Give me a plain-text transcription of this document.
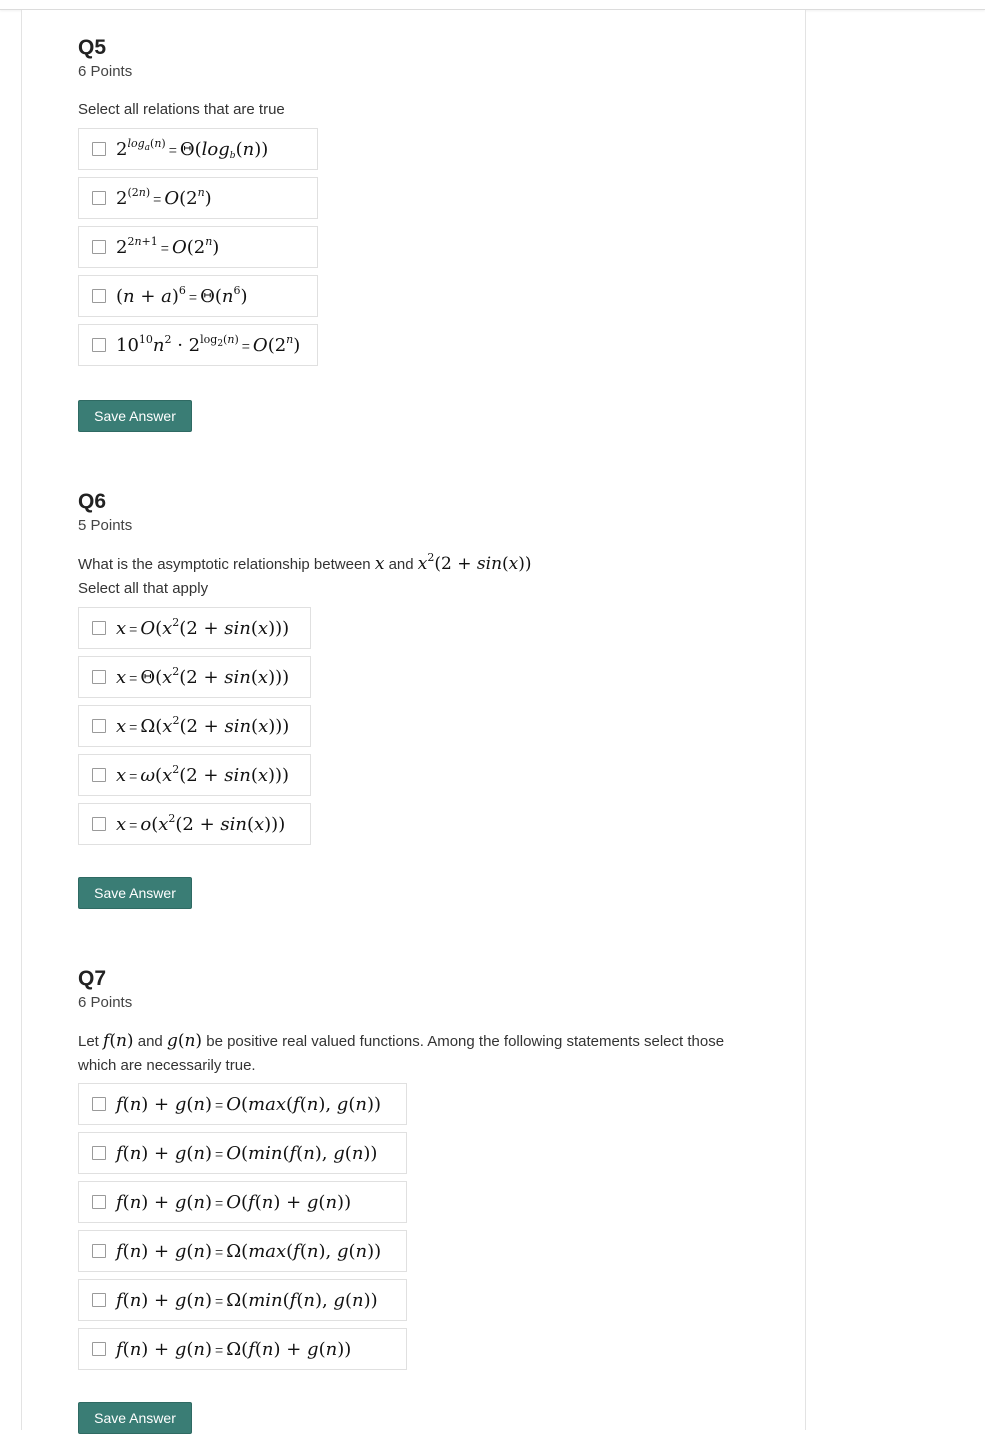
Q5
6 Points
Select all relations that are true
$2^{log_a(n)} = \Theta(\log_b(n))$
$2^{(2n)} = O(2^n)$
$2^{2n+1} = O(2^n)$
$(n + a)^6 = \Theta(n^6)$
$10^{10}n^2 \cdot 2^{log_2(n)} = O(2^n)$
Save Answer
Q6
5 Points
What is the asymptotic relationship between x and $x^2(2 + \sin(x))$
Select all that apply
$x = O(x^2(2 + \sin(x)))$
$x = \Theta(x^2(2 + \sin(x)))$
$x = \Omega(x^2(2 + \sin(x)))$
$x = \omega(x^2(2 + \sin(x)))$
$x = o(x^2(2 + \sin(x)))$
Save Answer
Q7
6 Points
Let f(n) and g(n) be positive real valued functions. Among the following statements select those which are necessarily true.
f(n) + g(n) = O(max(f(n), g(n))
f(n) + g(n) = O(min(f(n), g(n))
f(n) + g(n) = O(f(n) + g(n))
f(n) + g(n) = Ω(max(f(n), g(n))
f(n) + g(n) = Ω(min(f(n), g(n))
f(n) + g(n) = Ω(f(n) + g(n))
Save Answer
